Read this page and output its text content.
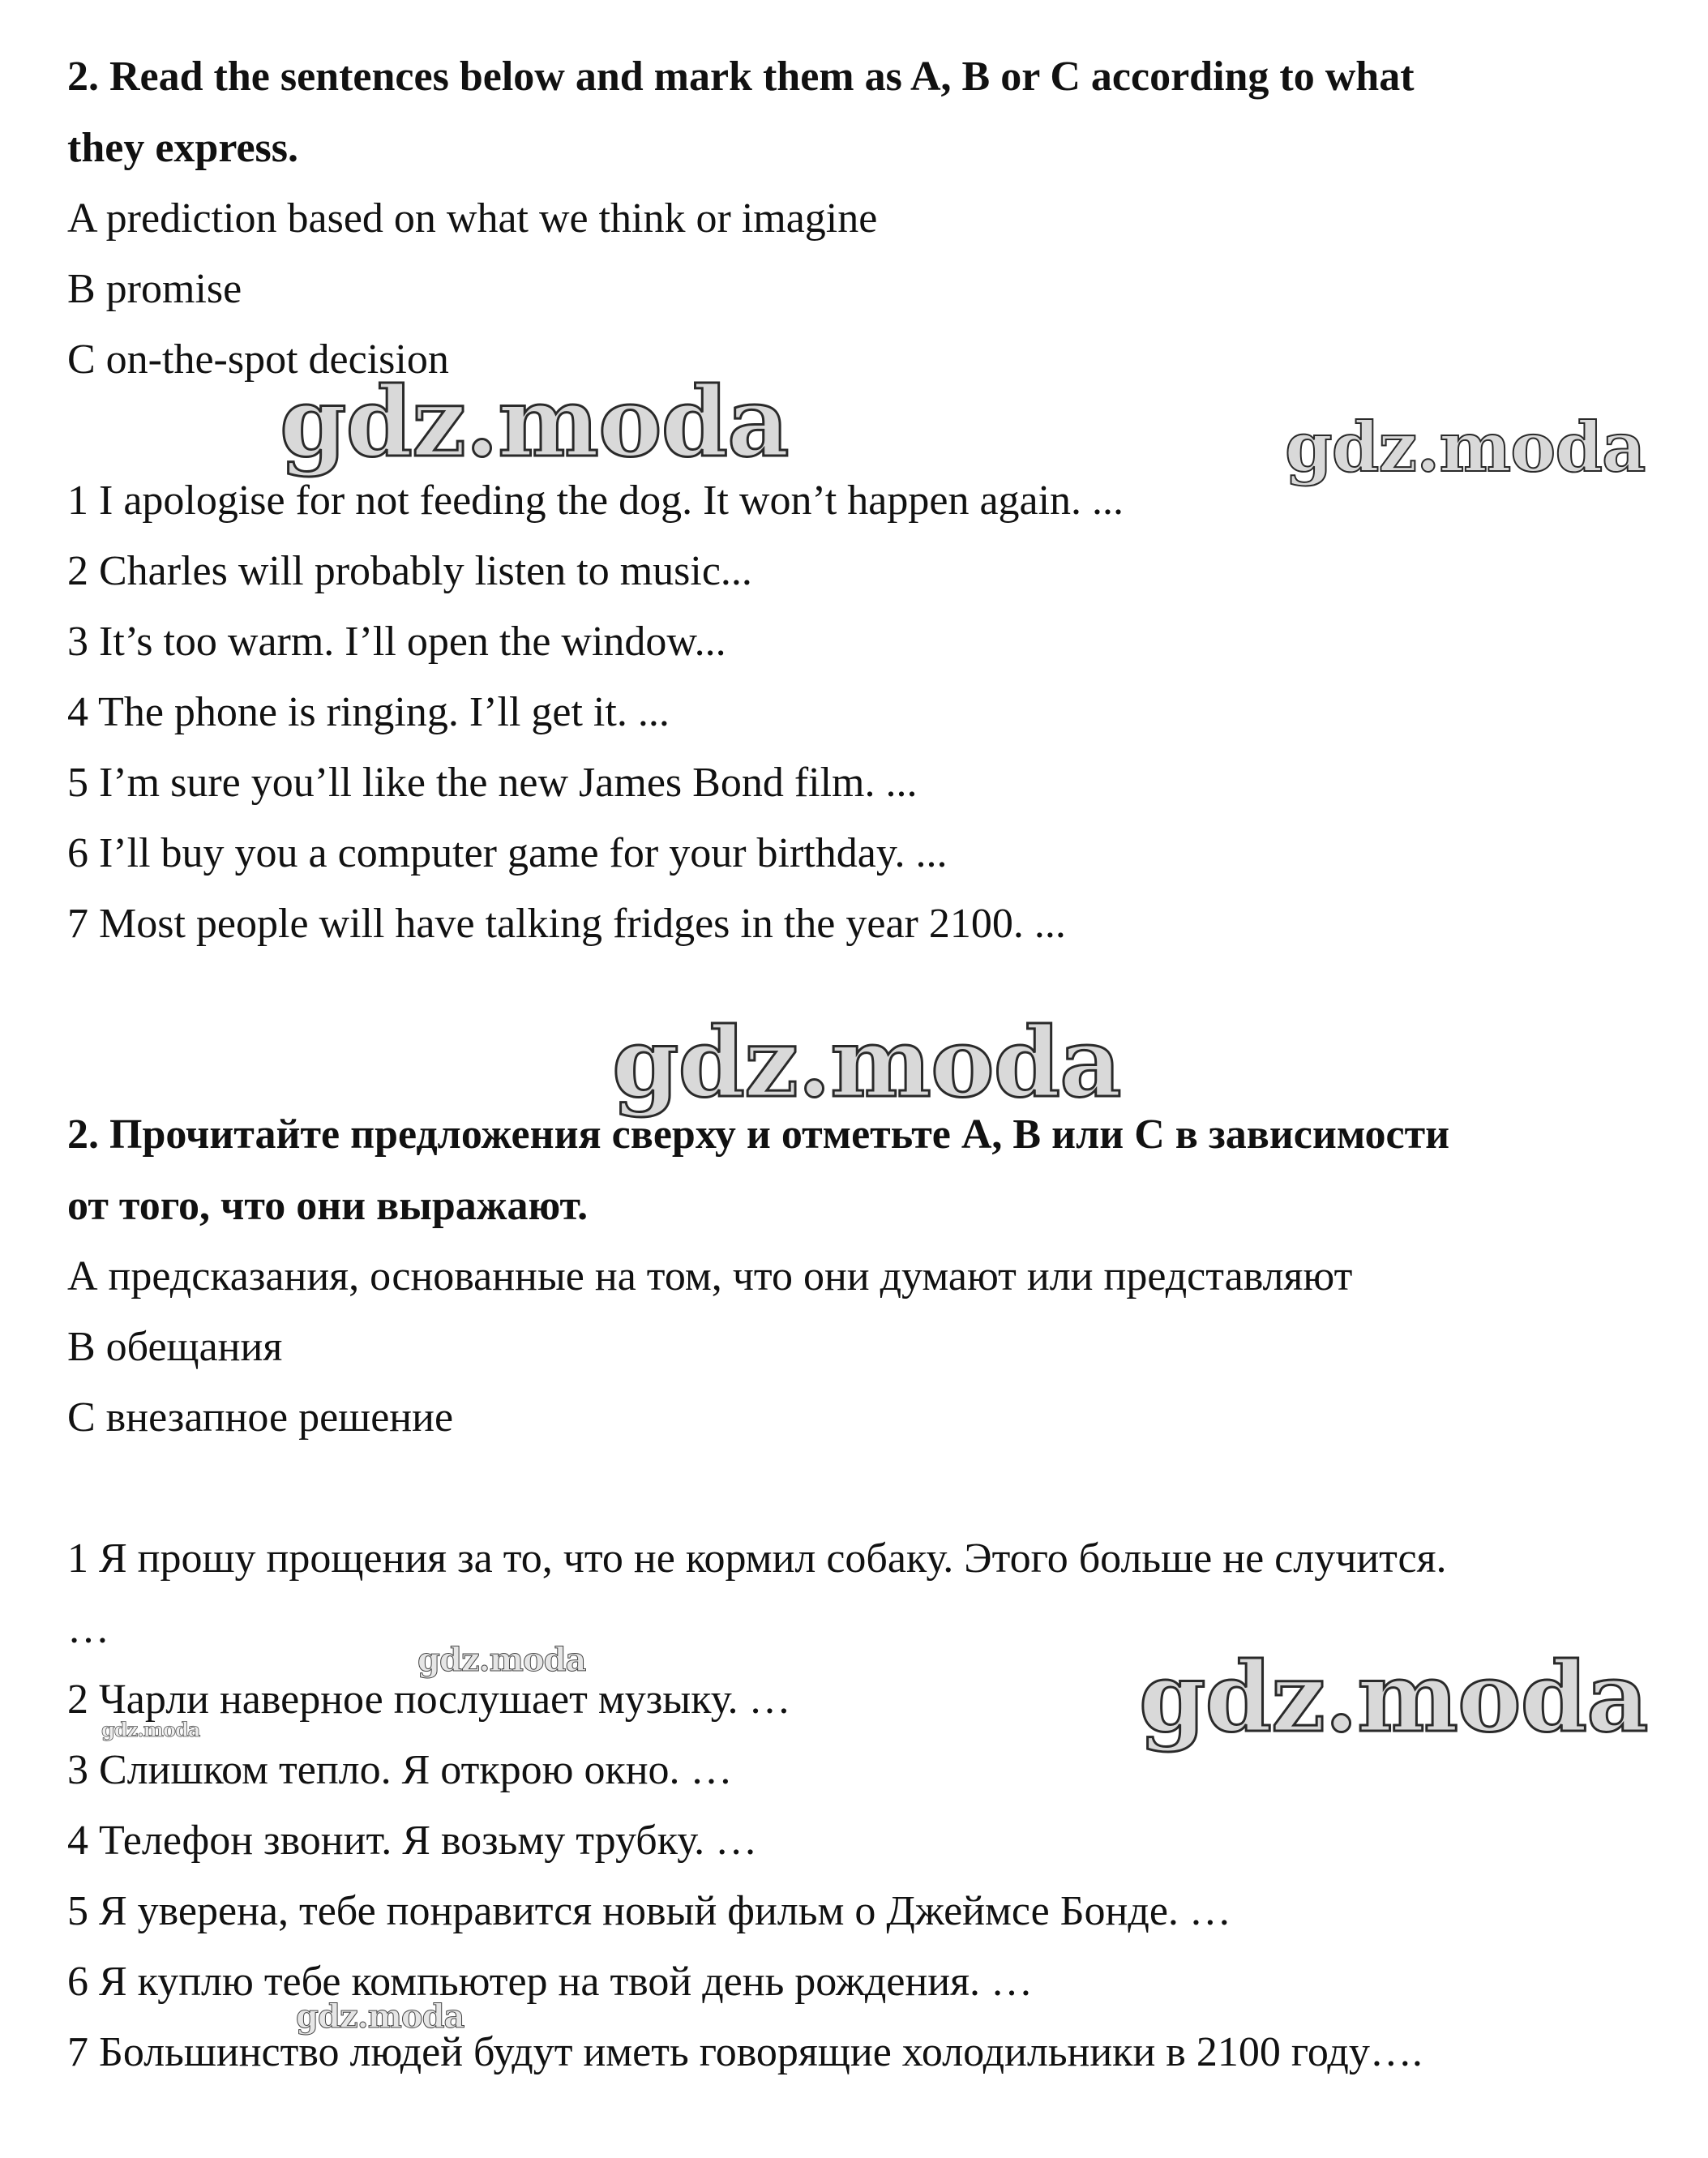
gdz.moda	gdz.moda
gdz.moda
gdz.moda
gdz.moda	gdz.moda
gdz.moda
2. Read the sentences below and mark them as A, B or C according to what
they express.
A prediction based on what we think or imagine
B promise
C on-the-spot decision
1 I apologise for not feeding the dog. It won’t happen again. ...
2 Charles will probably listen to music...
3 It’s too warm. I’ll open the window...
4 The phone is ringing. I’ll get it. ...
5 I’m sure you’ll like the new James Bond film. ...
6 I’ll buy you a computer game for your birthday. ...
7 Most people will have talking fridges in the year 2100. ...
2. Прочитайте предложения сверху и отметьте А, В или С в зависимости
от того, что они выражают.
А предсказания, основанные на том, что они думают или представляют
В обещания
С внезапное решение
1 Я прошу прощения за то, что не кормил собаку. Этого больше не случится.
…
2 Чарли наверное послушает музыку. …
3 Слишком тепло. Я открою окно. …
4 Телефон звонит. Я возьму трубку. …
5 Я уверена, тебе понравится новый фильм о Джеймсе Бонде. …
6 Я куплю тебе компьютер на твой день рождения. …
7 Большинство людей будут иметь говорящие холодильники в 2100 году….
